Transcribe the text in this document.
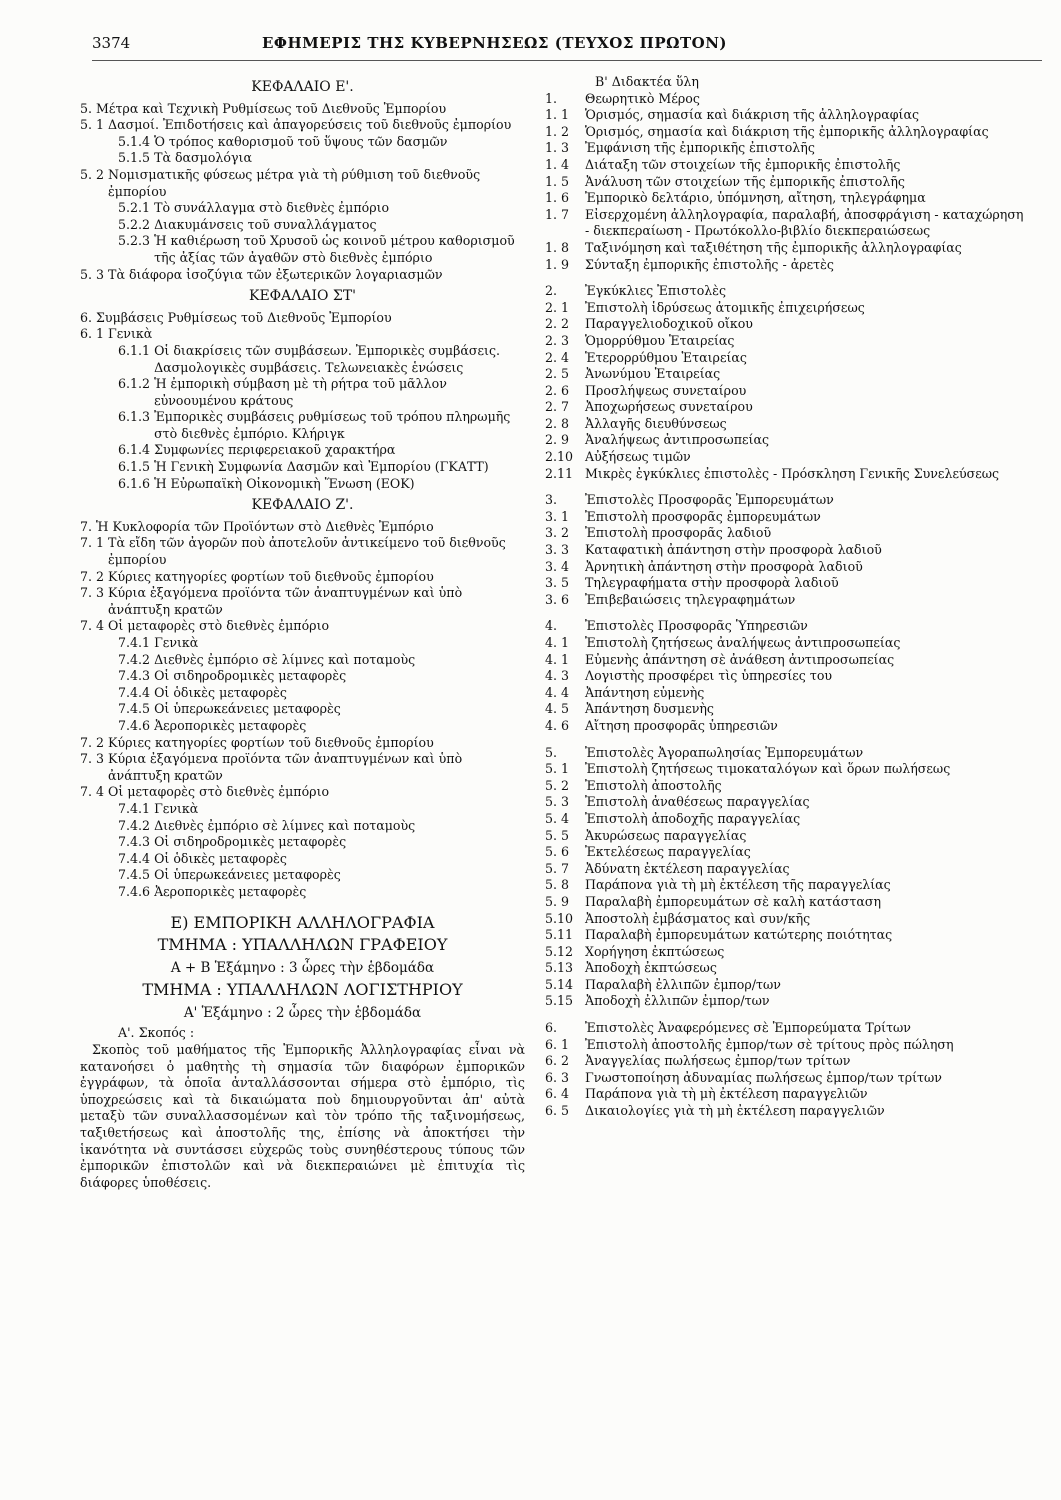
3374	ΕΦΗΜΕΡΙΣ ΤΗΣ ΚΥΒΕΡΝΗΣΕΩΣ (ΤΕΥΧΟΣ ΠΡΩΤΟΝ)
ΚΕΦΑΛΑΙΟ Ε'.
5. Μέτρα καὶ Τεχνικὴ Ρυθμίσεως τοῦ Διεθνοῦς Ἐμπορίου
5. 1 Δασμοί. Ἐπιδοτήσεις καὶ ἀπαγορεύσεις τοῦ διεθνοῦς ἐμπορίου
5.1.4 Ὁ τρόπος καθορισμοῦ τοῦ ὕψους τῶν δασμῶν
5.1.5 Τὰ δασμολόγια
5. 2 Νομισματικῆς φύσεως μέτρα γιὰ τὴ ρύθμιση τοῦ διεθνοῦς ἐμπορίου
5.2.1 Τὸ συνάλλαγμα στὸ διεθνὲς ἐμπόριο
5.2.2 Διακυμάνσεις τοῦ συναλλάγματος
5.2.3 Ἡ καθιέρωση τοῦ Χρυσοῦ ὡς κοινοῦ μέτρου καθορισμοῦ τῆς ἀξίας τῶν ἀγαθῶν στὸ διεθνὲς ἐμπόριο
5. 3 Τὰ διάφορα ἰσοζύγια τῶν ἐξωτερικῶν λογαριασμῶν
ΚΕΦΑΛΑΙΟ ΣΤ'
6. Συμβάσεις Ρυθμίσεως τοῦ Διεθνοῦς Ἐμπορίου
6. 1 Γενικὰ
6.1.1 Οἱ διακρίσεις τῶν συμβάσεων. Ἐμπορικὲς συμβάσεις. Δασμολογικὲς συμβάσεις. Τελωνειακὲς ἑνώσεις
6.1.2 Ἡ ἐμπορικὴ σύμβαση μὲ τὴ ρήτρα τοῦ μᾶλλον εὐνοουμένου κράτους
6.1.3 Ἐμπορικὲς συμβάσεις ρυθμίσεως τοῦ τρόπου πληρωμῆς στὸ διεθνὲς ἐμπόριο. Κλήριγκ
6.1.4 Συμφωνίες περιφερειακοῦ χαρακτήρα
6.1.5 Ἡ Γενικὴ Συμφωνία Δασμῶν καὶ Ἐμπορίου (ΓΚΑΤΤ)
6.1.6 Ἡ Εὐρωπαϊκὴ Οἰκονομικὴ Ἕνωση (ΕΟΚ)
ΚΕΦΑΛΑΙΟ Ζ'.
7. Ἡ Κυκλοφορία τῶν Προϊόντων στὸ Διεθνὲς Ἐμπόριο
7. 1 Τὰ εἴδη τῶν ἀγορῶν ποὺ ἀποτελοῦν ἀντικείμενο τοῦ διεθνοῦς ἐμπορίου
7. 2 Κύριες κατηγορίες φορτίων τοῦ διεθνοῦς ἐμπορίου
7. 3 Κύρια ἐξαγόμενα προϊόντα τῶν ἀναπτυγμένων καὶ ὑπὸ ἀνάπτυξη κρατῶν
7. 4 Οἱ μεταφορὲς στὸ διεθνὲς ἐμπόριο
7.4.1 Γενικὰ
7.4.2 Διεθνὲς ἐμπόριο σὲ λίμνες καὶ ποταμοὺς
7.4.3 Οἱ σιδηροδρομικὲς μεταφορὲς
7.4.4 Οἱ ὁδικὲς μεταφορὲς
7.4.5 Οἱ ὑπερωκεάνειες μεταφορὲς
7.4.6 Ἀεροπορικὲς μεταφορὲς
7. 2 Κύριες κατηγορίες φορτίων τοῦ διεθνοῦς ἐμπορίου
7. 3 Κύρια ἐξαγόμενα προϊόντα τῶν ἀναπτυγμένων καὶ ὑπὸ ἀνάπτυξη κρατῶν
7. 4 Οἱ μεταφορὲς στὸ διεθνὲς ἐμπόριο
7.4.1 Γενικὰ
7.4.2 Διεθνὲς ἐμπόριο σὲ λίμνες καὶ ποταμοὺς
7.4.3 Οἱ σιδηροδρομικὲς μεταφορὲς
7.4.4 Οἱ ὁδικὲς μεταφορὲς
7.4.5 Οἱ ὑπερωκεάνειες μεταφορὲς
7.4.6 Ἀεροπορικὲς μεταφορὲς
Ε) ΕΜΠΟΡΙΚΗ ΑΛΛΗΛΟΓΡΑΦΙΑ
ΤΜΗΜΑ : ΥΠΑΛΛΗΛΩΝ ΓΡΑΦΕΙΟΥ
Α + Β Ἑξάμηνο : 3 ὧρες τὴν ἑβδομάδα
ΤΜΗΜΑ : ΥΠΑΛΛΗΛΩΝ ΛΟΓΙΣΤΗΡΙΟΥ
Α' Ἑξάμηνο : 2 ὧρες τὴν ἑβδομάδα
Α'. Σκοπός :
Σκοπὸς τοῦ μαθήματος τῆς Ἐμπορικῆς Ἀλληλογραφίας εἶναι νὰ κατανοήσει ὁ μαθητὴς τὴ σημασία τῶν διαφόρων ἐμπορικῶν ἐγγράφων, τὰ ὁποῖα ἀνταλλάσσονται σήμερα στὸ ἐμπόριο, τὶς ὑποχρεώσεις καὶ τὰ δικαιώματα ποὺ δημιουργοῦνται ἀπ' αὐτὰ μεταξὺ τῶν συναλλασσομένων καὶ τὸν τρόπο τῆς ταξινομήσεως, ταξιθετήσεως καὶ ἀποστολῆς της, ἐπίσης νὰ ἀποκτήσει τὴν ἱκανότητα νὰ συντάσσει εὐχερῶς τοὺς συνηθέστερους τύπους τῶν ἐμπορικῶν ἐπιστολῶν καὶ νὰ διεκπεραιώνει μὲ ἐπιτυχία τὶς διάφορες ὑποθέσεις.
Β' Διδακτέα ὕλη
1.	Θεωρητικὸ Μέρος
1. 1	Ὁρισμός, σημασία καὶ διάκριση τῆς ἀλληλογραφίας
1. 2	Ὁρισμός, σημασία καὶ διάκριση τῆς ἐμπορικῆς ἀλληλογραφίας
1. 3	Ἐμφάνιση τῆς ἐμπορικῆς ἐπιστολῆς
1. 4	Διάταξη τῶν στοιχείων τῆς ἐμπορικῆς ἐπιστολῆς
1. 5	Ἀνάλυση τῶν στοιχείων τῆς ἐμπορικῆς ἐπιστολῆς
1. 6	Ἐμπορικὸ δελτάριο, ὑπόμνηση, αἴτηση, τηλεγράφημα
1. 7	Εἰσερχομένη ἀλληλογραφία, παραλαβή, ἀποσφράγιση - καταχώρηση - διεκπεραίωση - Πρωτόκολλο-βιβλίο διεκπεραιώσεως
1. 8	Ταξινόμηση καὶ ταξιθέτηση τῆς ἐμπορικῆς ἀλληλογραφίας
1. 9	Σύνταξη ἐμπορικῆς ἐπιστολῆς - ἀρετὲς
2.	Ἐγκύκλιες Ἐπιστολὲς
2. 1	Ἐπιστολὴ ἱδρύσεως ἀτομικῆς ἐπιχειρήσεως
2. 2	Παραγγελιοδοχικοῦ οἴκου
2. 3	Ὁμορρύθμου Ἑταιρείας
2. 4	Ἑτερορρύθμου Ἑταιρείας
2. 5	Ἀνωνύμου Ἑταιρείας
2. 6	Προσλήψεως συνεταίρου
2. 7	Ἀποχωρήσεως συνεταίρου
2. 8	Ἀλλαγῆς διευθύνσεως
2. 9	Ἀναλήψεως ἀντιπροσωπείας
2.10 Αὐξήσεως τιμῶν
2.11 Μικρὲς ἐγκύκλιες ἐπιστολὲς - Πρόσκληση Γενικῆς Συνελεύσεως
3.	Ἐπιστολὲς Προσφορᾶς Ἐμπορευμάτων
3. 1	Ἐπιστολὴ προσφορᾶς ἐμπορευμάτων
3. 2	Ἐπιστολὴ προσφορᾶς λαδιοῦ
3. 3	Καταφατικὴ ἀπάντηση στὴν προσφορὰ λαδιοῦ
3. 4	Ἀρνητικὴ ἀπάντηση στὴν προσφορὰ λαδιοῦ
3. 5	Τηλεγραφήματα στὴν προσφορὰ λαδιοῦ
3. 6	Ἐπιβεβαιώσεις τηλεγραφημάτων
4.	Ἐπιστολὲς Προσφορᾶς Ὑπηρεσιῶν
4. 1	Ἐπιστολὴ ζητήσεως ἀναλήψεως ἀντιπροσωπείας
4. 1	Εὐμενὴς ἀπάντηση σὲ ἀνάθεση ἀντιπροσωπείας
4. 3	Λογιστὴς προσφέρει τὶς ὑπηρεσίες του
4. 4	Ἀπάντηση εὐμενὴς
4. 5	Ἀπάντηση δυσμενὴς
4. 6	Αἴτηση προσφορᾶς ὑπηρεσιῶν
5.	Ἐπιστολὲς Ἀγοραπωλησίας Ἐμπορευμάτων
5. 1	Ἐπιστολὴ ζητήσεως τιμοκαταλόγων καὶ ὅρων πωλήσεως
5. 2	Ἐπιστολὴ ἀποστολῆς
5. 3	Ἐπιστολὴ ἀναθέσεως παραγγελίας
5. 4	Ἐπιστολὴ ἀποδοχῆς παραγγελίας
5. 5	Ἀκυρώσεως παραγγελίας
5. 6	Ἐκτελέσεως παραγγελίας
5. 7	Ἀδύνατη ἐκτέλεση παραγγελίας
5. 8	Παράπονα γιὰ τὴ μὴ ἐκτέλεση τῆς παραγγελίας
5. 9	Παραλαβὴ ἐμπορευμάτων σὲ καλὴ κατάσταση
5.10 Ἀποστολὴ ἐμβάσματος καὶ συν/κῆς
5.11 Παραλαβὴ ἐμπορευμάτων κατώτερης ποιότητας
5.12 Χορήγηση ἐκπτώσεως
5.13 Ἀποδοχὴ ἐκπτώσεως
5.14 Παραλαβὴ ἐλλιπῶν ἐμπορ/των
5.15 Ἀποδοχὴ ἐλλιπῶν ἐμπορ/των
6.	Ἐπιστολὲς Ἀναφερόμενες σὲ Ἐμπορεύματα Τρίτων
6. 1	Ἐπιστολὴ ἀποστολῆς ἐμπορ/των σὲ τρίτους πρὸς πώληση
6. 2	Ἀναγγελίας πωλήσεως ἐμπορ/των τρίτων
6. 3	Γνωστοποίηση ἀδυναμίας πωλήσεως ἐμπορ/των τρίτων
6. 4	Παράπονα γιὰ τὴ μὴ ἐκτέλεση παραγγελιῶν
6. 5	Δικαιολογίες γιὰ τὴ μὴ ἐκτέλεση παραγγελιῶν
